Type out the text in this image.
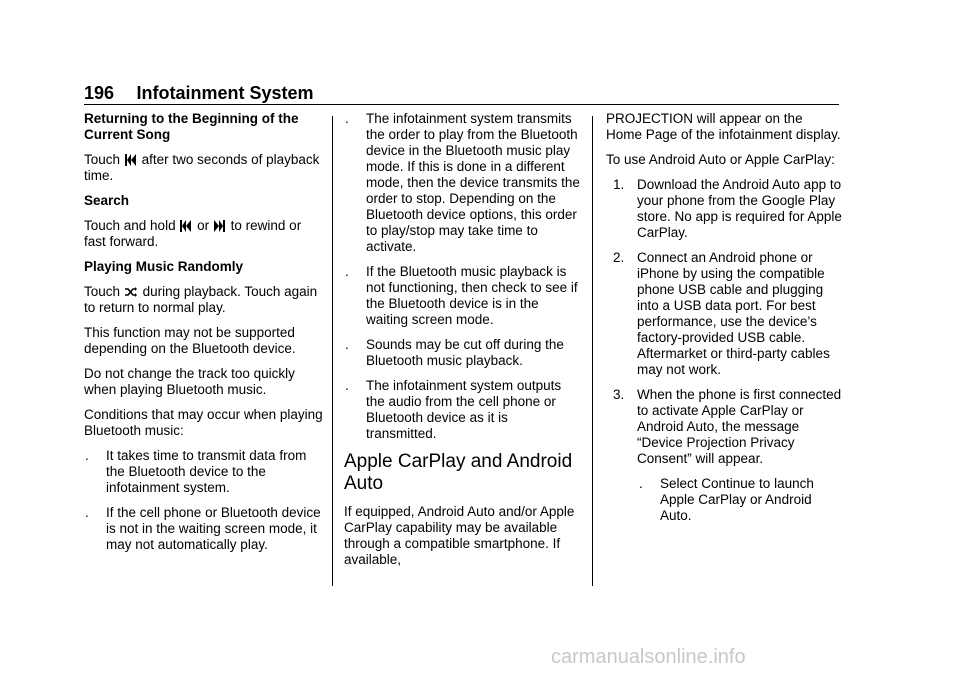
196 Infotainment System

Returning to the Beginning of the Current Song

Touch after two seconds of playback time.

Search

Touch and hold or to rewind or fast forward.

Playing Music Randomly

Touch during playback. Touch again to return to normal play.

This function may not be supported depending on the Bluetooth device.

Do not change the track too quickly when playing Bluetooth music.

Conditions that may occur when playing Bluetooth music:

. It takes time to transmit data from the Bluetooth device to the infotainment system.
. If the cell phone or Bluetooth device is not in the waiting screen mode, it may not automatically play.
. The infotainment system transmits the order to play from the Bluetooth device in the Bluetooth music play mode. If this is done in a different mode, then the device transmits the order to stop. Depending on the Bluetooth device options, this order to play/stop may take time to activate.
. If the Bluetooth music playback is not functioning, then check to see if the Bluetooth device is in the waiting screen mode.
. Sounds may be cut off during the Bluetooth music playback.
. The infotainment system outputs the audio from the cell phone or Bluetooth device as it is transmitted.

Apple CarPlay and Android Auto

If equipped, Android Auto and/or Apple CarPlay capability may be available through a compatible smartphone. If available,

PROJECTION will appear on the Home Page of the infotainment display.

To use Android Auto or Apple CarPlay:

1. Download the Android Auto app to your phone from the Google Play store. No app is required for Apple CarPlay.
2. Connect an Android phone or iPhone by using the compatible phone USB cable and plugging into a USB data port. For best performance, use the device’s factory-provided USB cable. Aftermarket or third-party cables may not work.
3. When the phone is first connected to activate Apple CarPlay or Android Auto, the message “Device Projection Privacy Consent” will appear.
. Select Continue to launch Apple CarPlay or Android Auto.
carmanualsonline.info
